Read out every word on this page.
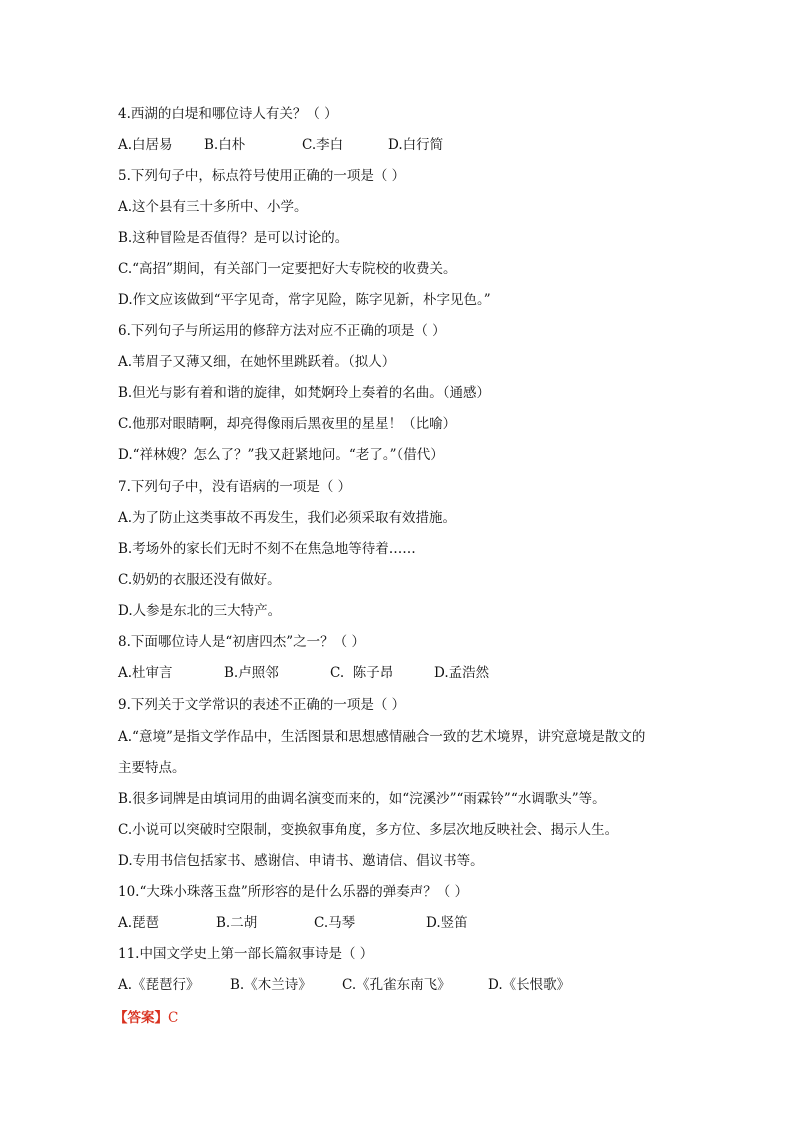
4.西湖的白堤和哪位诗人有关？（ ）
A.白居易 B.白朴	C.李白	D.白行简
5.下列句子中，标点符号使用正确的一项是（ ）
A.这个县有三十多所中、小学。
B.这种冒险是否值得？是可以讨论的。
C.“高招”期间，有关部门一定要把好大专院校的收费关。
D.作文应该做到“平字见奇，常字见险，陈字见新，朴字见色。”
6.下列句子与所运用的修辞方法对应不正确的项是（ ）
A.苇眉子又薄又细，在她怀里跳跃着。（拟人）
B.但光与影有着和谐的旋律，如梵婀玲上奏着的名曲。（通感）
C.他那对眼睛啊，却亮得像雨后黑夜里的星星！（比喻）
D.“祥林嫂？怎么了？”我又赶紧地问。“老了。”（借代）
7.下列句子中，没有语病的一项是（ ）
A.为了防止这类事故不再发生，我们必须采取有效措施。
B.考场外的家长们无时不刻不在焦急地等待着……
C.奶奶的衣服还没有做好。
D.人参是东北的三大特产。
8.下面哪位诗人是“初唐四杰”之一？（ ）
A.杜审言	B.卢照邻	C.  陈子昂	D.孟浩然
9.下列关于文学常识的表述不正确的一项是（ ）
A.“意境”是指文学作品中，生活图景和思想感情融合一致的艺术境界，讲究意境是散文的
主要特点。
B.很多词牌是由填词用的曲调名演变而来的，如“浣溪沙”“雨霖铃”“水调歌头”等。
C.小说可以突破时空限制，变换叙事角度，多方位、多层次地反映社会、揭示人生。
D.专用书信包括家书、感谢信、申请书、邀请信、倡议书等。
10.“大珠小珠落玉盘”所形容的是什么乐器的弹奏声？（ ）
A.琵琶	B.二胡	C.马琴	D.竖笛
11.中国文学史上第一部长篇叙事诗是（ ）
A.《琵琶行》 B.《木兰诗》 C.《孔雀东南飞》	D.《长恨歌》
【答案】C
